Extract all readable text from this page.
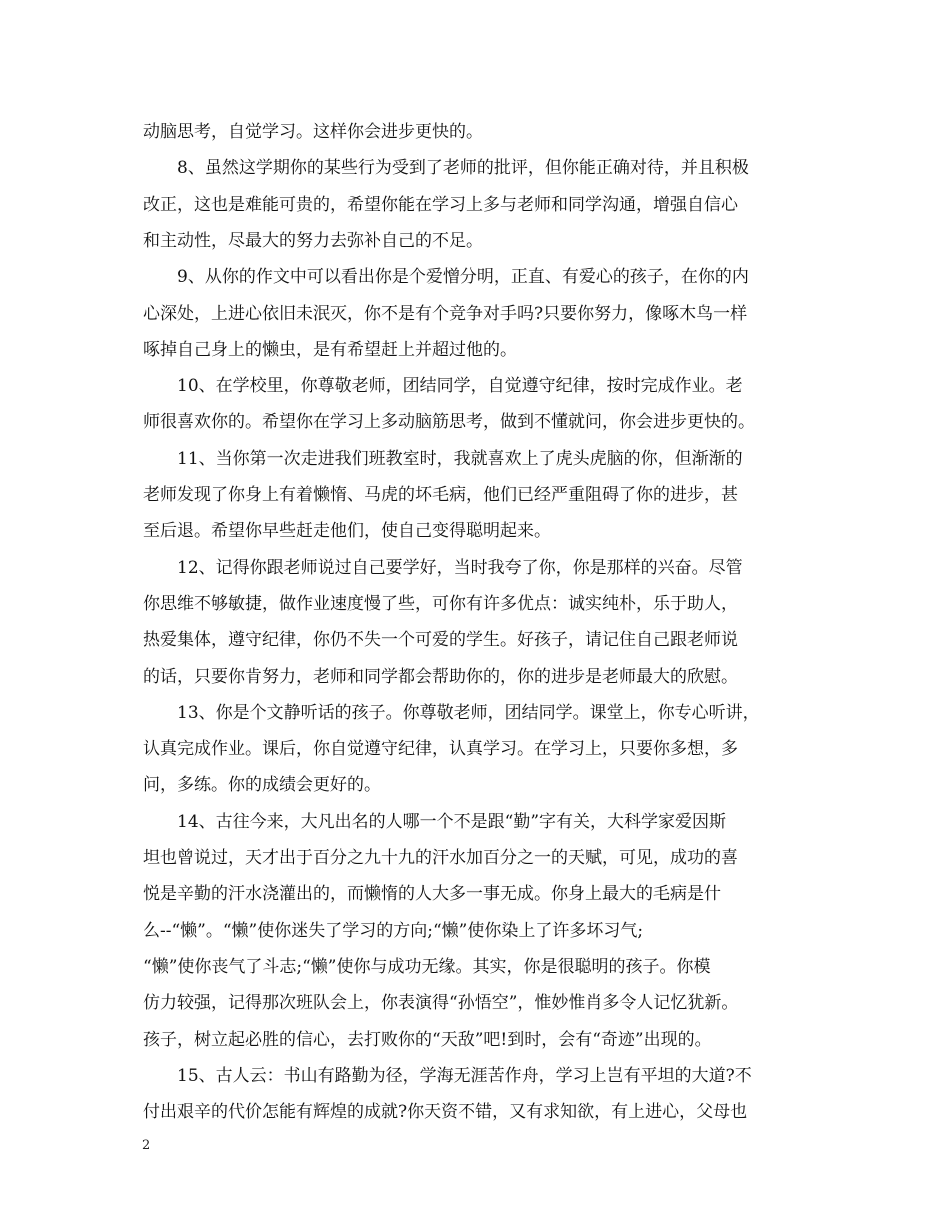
动脑思考，自觉学习。这样你会进步更快的。
　　8、虽然这学期你的某些行为受到了老师的批评，但你能正确对待，并且积极
改正，这也是难能可贵的，希望你能在学习上多与老师和同学沟通，增强自信心
和主动性，尽最大的努力去弥补自己的不足。
　　9、从你的作文中可以看出你是个爱憎分明，正直、有爱心的孩子，在你的内
心深处，上进心依旧未泯灭，你不是有个竞争对手吗?只要你努力，像啄木鸟一样
啄掉自己身上的懒虫，是有希望赶上并超过他的。
　　10、在学校里，你尊敬老师，团结同学，自觉遵守纪律，按时完成作业。老
师很喜欢你的。希望你在学习上多动脑筋思考，做到不懂就问，你会进步更快的。
　　11、当你第一次走进我们班教室时，我就喜欢上了虎头虎脑的你，但渐渐的
老师发现了你身上有着懒惰、马虎的坏毛病，他们已经严重阻碍了你的进步，甚
至后退。希望你早些赶走他们，使自己变得聪明起来。
　　12、记得你跟老师说过自己要学好，当时我夸了你，你是那样的兴奋。尽管
你思维不够敏捷，做作业速度慢了些，可你有许多优点：诚实纯朴，乐于助人，
热爱集体，遵守纪律，你仍不失一个可爱的学生。好孩子，请记住自己跟老师说
的话，只要你肯努力，老师和同学都会帮助你的，你的进步是老师最大的欣慰。
　　13、你是个文静听话的孩子。你尊敬老师，团结同学。课堂上，你专心听讲，
认真完成作业。课后，你自觉遵守纪律，认真学习。在学习上，只要你多想，多
问，多练。你的成绩会更好的。
　　14、古往今来，大凡出名的人哪一个不是跟“勤”字有关，大科学家爱因斯
坦也曾说过，天才出于百分之九十九的汗水加百分之一的天赋，可见，成功的喜
悦是辛勤的汗水浇灌出的，而懒惰的人大多一事无成。你身上最大的毛病是什
么--“懒”。“懒”使你迷失了学习的方向;“懒”使你染上了许多坏习气;
“懒”使你丧气了斗志;“懒”使你与成功无缘。其实，你是很聪明的孩子。你模
仿力较强，记得那次班队会上，你表演得“孙悟空”，惟妙惟肖多令人记忆犹新。
孩子，树立起必胜的信心，去打败你的“天敌”吧!到时，会有“奇迹”出现的。
　　15、古人云：书山有路勤为径，学海无涯苦作舟，学习上岂有平坦的大道?不
付出艰辛的代价怎能有辉煌的成就?你天资不错，又有求知欲，有上进心，父母也
2
